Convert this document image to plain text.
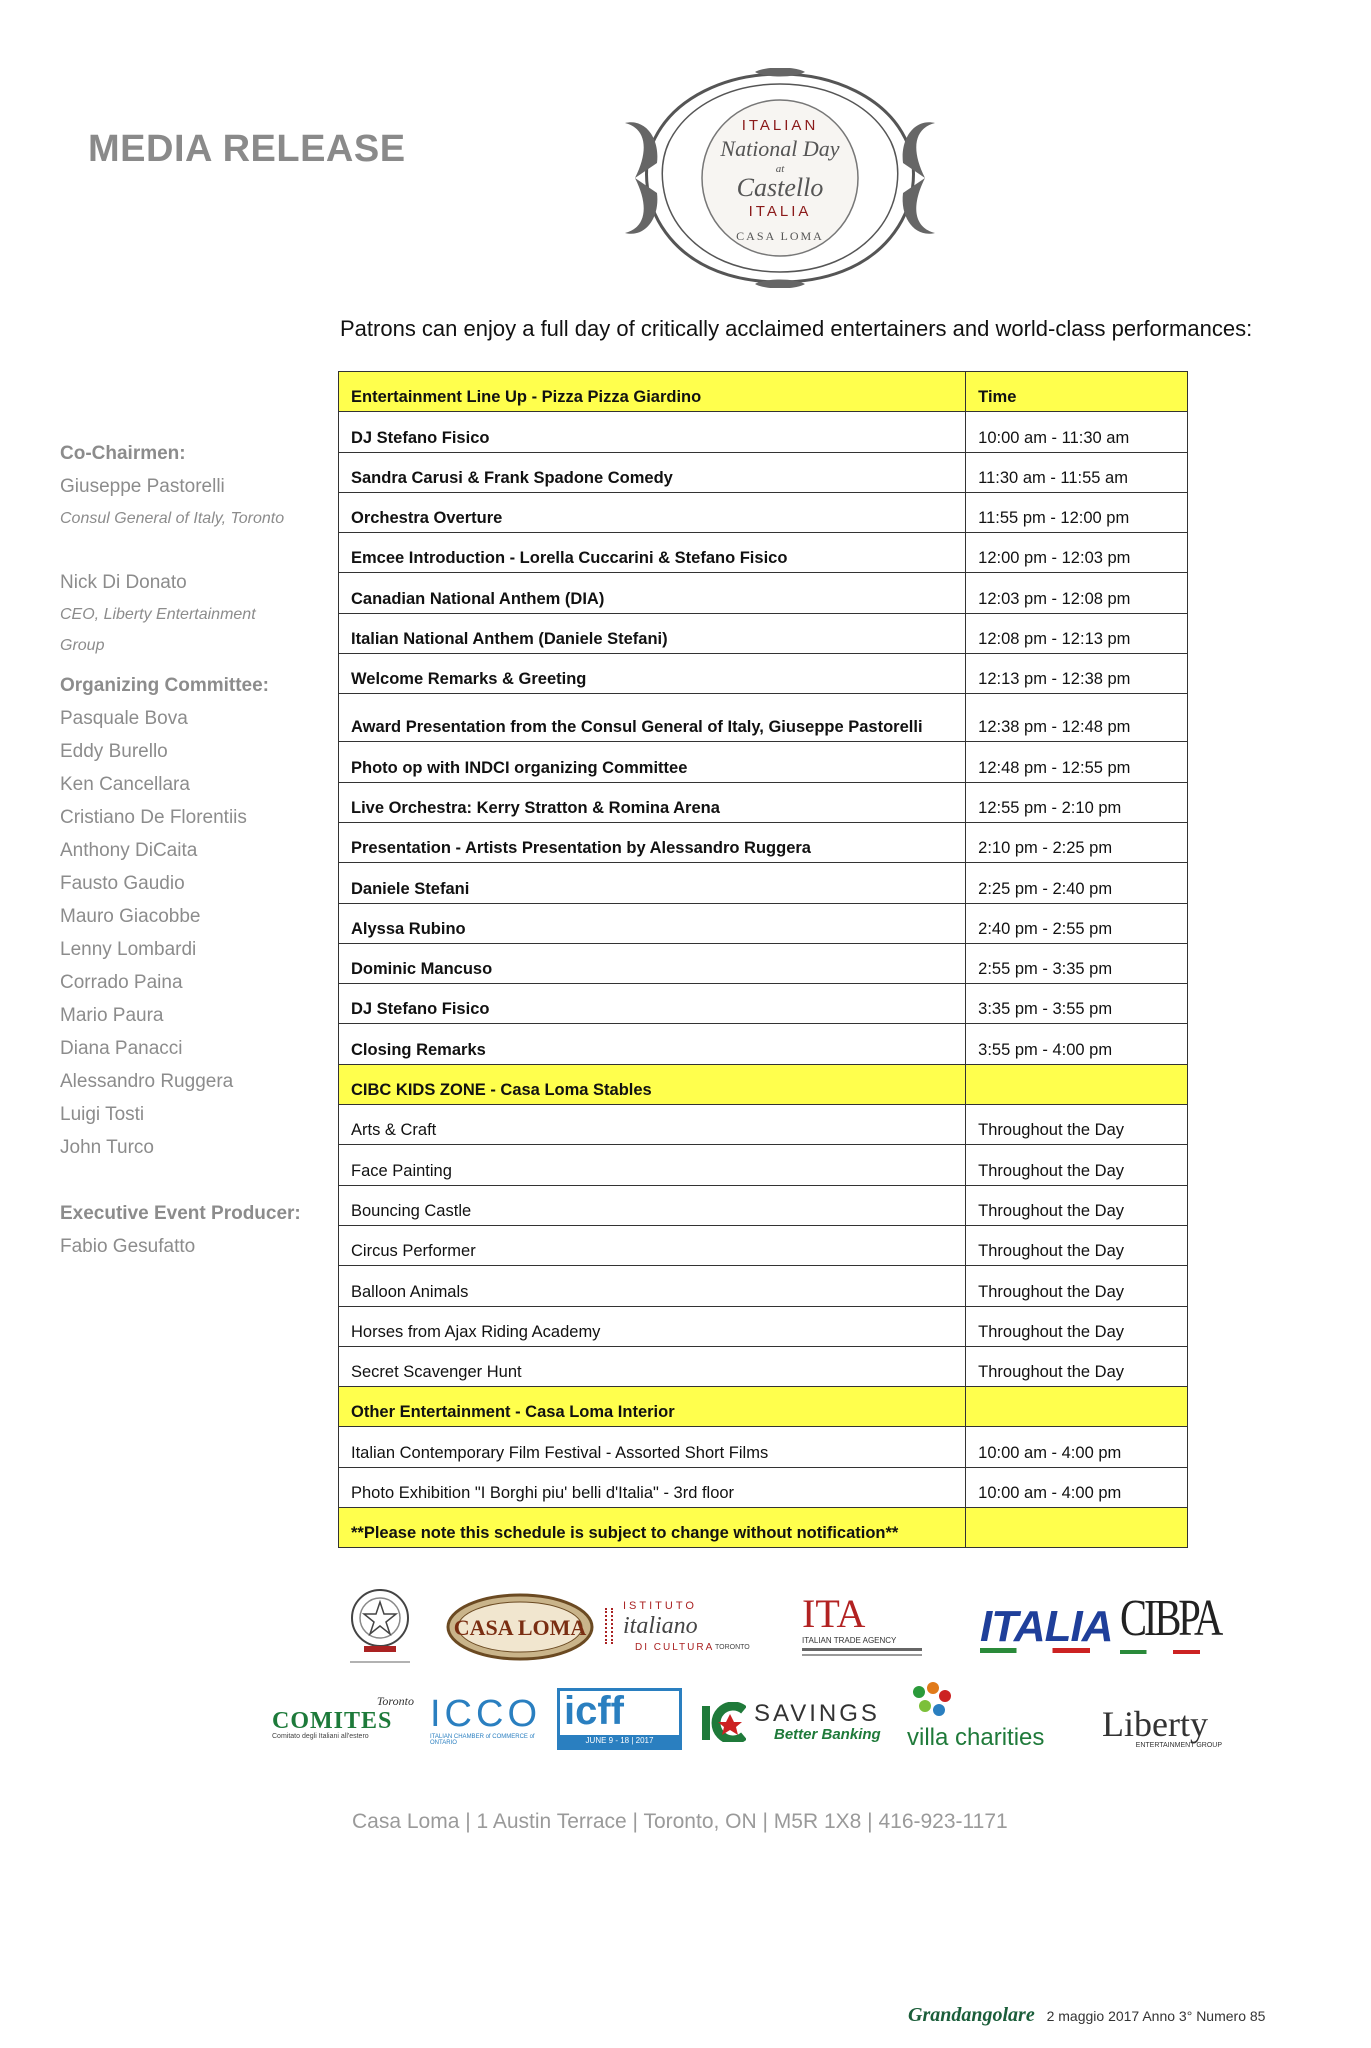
MEDIA RELEASE
ITALIAN
National Day
at
Castello
ITALIA
CASA LOMA
Patrons can enjoy a full day of critically acclaimed entertainers and world-class performances:
Co-Chairmen:
Giuseppe Pastorelli
Consul General of Italy, Toronto
Nick Di Donato
CEO, Liberty Entertainment
Group
Organizing Committee:
Pasquale Bova
Eddy Burello
Ken Cancellara
Cristiano De Florentiis
Anthony DiCaita
Fausto Gaudio
Mauro Giacobbe
Lenny Lombardi
Corrado Paina
Mario Paura
Diana Panacci
Alessandro Ruggera
Luigi Tosti
John Turco
Executive Event Producer:
Fabio Gesufatto
Entertainment Line Up - Pizza Pizza Giardino	Time
DJ Stefano Fisico	10:00 am - 11:30 am
Sandra Carusi & Frank Spadone Comedy	11:30 am - 11:55 am
Orchestra Overture	11:55 pm - 12:00 pm
Emcee Introduction - Lorella Cuccarini & Stefano Fisico	12:00 pm - 12:03 pm
Canadian National Anthem (DIA)	12:03 pm - 12:08 pm
Italian National Anthem (Daniele Stefani)	12:08 pm - 12:13 pm
Welcome Remarks & Greeting	12:13 pm - 12:38 pm
Award Presentation from the Consul General of Italy, Giuseppe Pastorelli	12:38 pm - 12:48 pm
Photo op with INDCI organizing Committee	12:48 pm - 12:55 pm
Live Orchestra: Kerry Stratton & Romina Arena	12:55 pm - 2:10 pm
Presentation - Artists Presentation by Alessandro Ruggera	2:10 pm - 2:25 pm
Daniele Stefani	2:25 pm - 2:40 pm
Alyssa Rubino	2:40 pm - 2:55 pm
Dominic Mancuso	2:55 pm - 3:35 pm
DJ Stefano Fisico	3:35 pm - 3:55 pm
Closing Remarks	3:55 pm - 4:00 pm
CIBC KIDS ZONE - Casa Loma Stables	
Arts & Craft	Throughout the Day
Face Painting	Throughout the Day
Bouncing Castle	Throughout the Day
Circus Performer	Throughout the Day
Balloon Animals	Throughout the Day
Horses from Ajax Riding Academy	Throughout the Day
Secret Scavenger Hunt	Throughout the Day
Other Entertainment - Casa Loma Interior	
Italian Contemporary Film Festival - Assorted Short Films	10:00 am - 4:00 pm
Photo Exhibition "I Borghi piu' belli d'Italia" - 3rd floor	10:00 am - 4:00 pm
**Please note this schedule is subject to change without notification**	
CASA LOMA
ISTITUTO
italiano
DI CULTURA TORONTO
ITA
ITALIAN TRADE AGENCY	ITALIA CIBPA
Toronto
COMITES
Comitato degli Italiani all'estero
ICCO
ITALIAN CHAMBER of COMMERCE of ONTARIO
icff
JUNE 9 - 18 | 2017
SAVINGS
Better Banking villa charities Liberty
ENTERTAINMENT GROUP
Casa Loma | 1 Austin Terrace | Toronto, ON | M5R 1X8 | 416-923-1171
Grandangolare 2 maggio 2017 Anno 3° Numero 85
